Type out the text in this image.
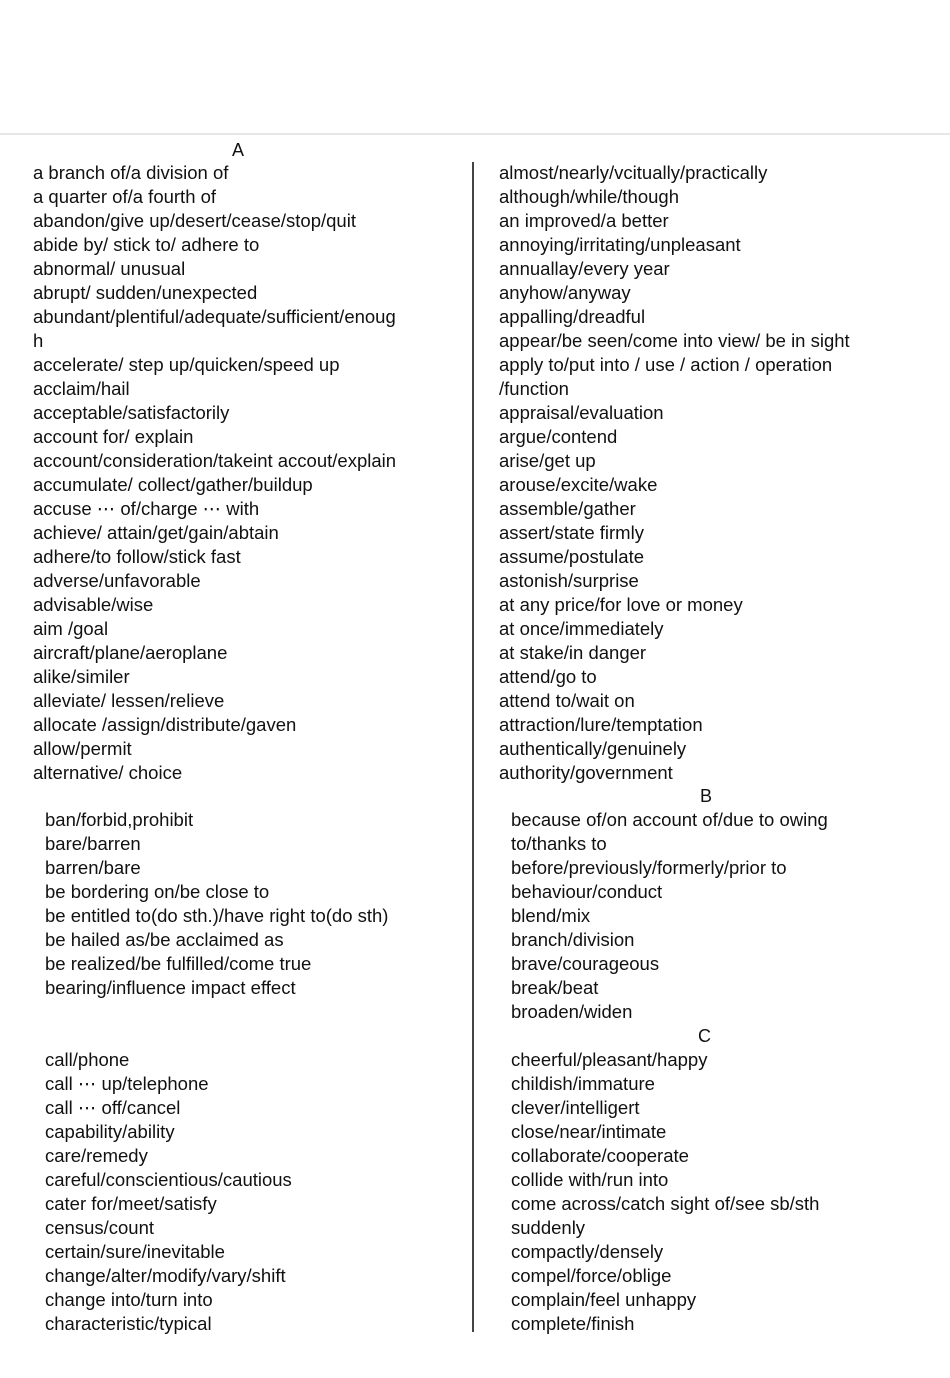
A
B
C
a branch of/a division of
a quarter of/a fourth of
abandon/give up/desert/cease/stop/quit
abide by/ stick to/ adhere to
abnormal/ unusual
abrupt/ sudden/unexpected
abundant/plentiful/adequate/sufficient/enoug
h
accelerate/ step up/quicken/speed up
acclaim/hail
acceptable/satisfactorily
account for/ explain
account/consideration/takeint accout/explain
accumulate/ collect/gather/buildup
accuse ⋯ of/charge ⋯ with
achieve/ attain/get/gain/abtain
adhere/to follow/stick fast
adverse/unfavorable
advisable/wise
aim /goal
aircraft/plane/aeroplane
alike/similer
alleviate/ lessen/relieve
allocate /assign/distribute/gaven
allow/permit
alternative/ choice
almost/nearly/vcitually/practically
although/while/though
an improved/a better
annoying/irritating/unpleasant
annuallay/every year
anyhow/anyway
appalling/dreadful
appear/be seen/come into view/ be in sight
apply to/put into / use / action / operation
/function
appraisal/evaluation
argue/contend
arise/get up
arouse/excite/wake
assemble/gather
assert/state firmly
assume/postulate
astonish/surprise
at any price/for love or money
at once/immediately
at stake/in danger
attend/go to
attend to/wait on
attraction/lure/temptation
authentically/genuinely
authority/government
ban/forbid,prohibit
bare/barren
barren/bare
be bordering on/be close to
be entitled to(do sth.)/have right to(do sth)
be hailed as/be acclaimed as
be realized/be fulfilled/come true
bearing/influence impact effect
because of/on account of/due to owing
to/thanks to
before/previously/formerly/prior to
behaviour/conduct
blend/mix
branch/division
brave/courageous
break/beat
broaden/widen
call/phone
call ⋯ up/telephone
call ⋯ off/cancel
capability/ability
care/remedy
careful/conscientious/cautious
cater for/meet/satisfy
census/count
certain/sure/inevitable
change/alter/modify/vary/shift
change into/turn into
characteristic/typical
cheerful/pleasant/happy
childish/immature
clever/intelligert
close/near/intimate
collaborate/cooperate
collide with/run into
come across/catch sight of/see sb/sth
suddenly
compactly/densely
compel/force/oblige
complain/feel unhappy
complete/finish
